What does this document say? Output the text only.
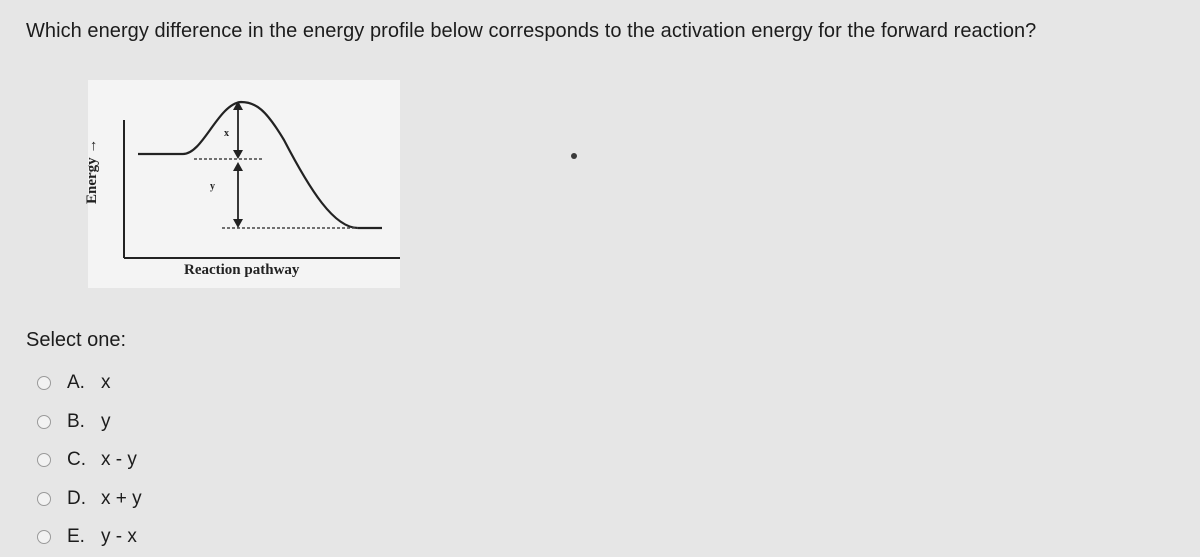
Which energy difference in the energy profile below corresponds to the activation energy for the forward reaction?
x
y
Energy →
Reaction pathway
Select one:
A. x
B. y
C. x - y
D. x + y
E. y - x
